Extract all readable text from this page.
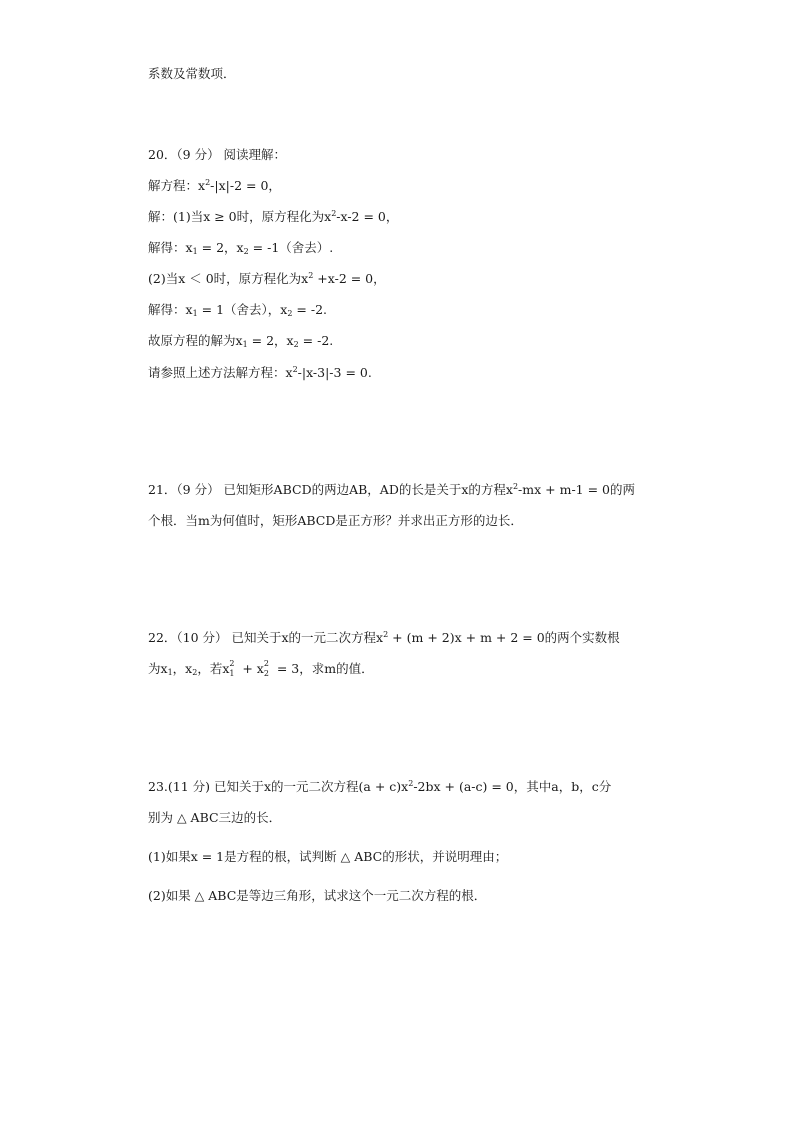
系数及常数项．
20．（9 分） 阅读理解：
解方程：$x^2-|x|-2 = 0$，
解：(1)当x ≥ 0时，原方程化为$x^2-x-2 = 0$，
解得：$x_1 = 2$，$x_2 = -1$（舍去）.
(2)当x ＜ 0时，原方程化为$x^2 +x-2 = 0$，
解得：$x_1 = 1$（舍去），$x_2 = -2$.
故原方程的解为$x_1 = 2$，$x_2 = -2$.
请参照上述方法解方程：$x^2-|x-3|-3 = 0$.
21．（9 分） 已知矩形ABCD的两边AB，AD的长是关于x的方程$x^2-mx + m-1 = 0$的两
个根．当m为何值时，矩形ABCD是正方形？并求出正方形的边长．
22．（10 分） 已知关于x的一元二次方程$x^2 + (m + 2)x + m + 2 = 0$的两个实数根
为$x_1$，$x_2$，若x 2
1 + x 2
2 = 3，求m的值．
23.(11 分) 已知关于x的一元二次方程$(a + c)x^2-2bx + (a-c) = 0$，其中a，b，c分
别为 △ ABC三边的长．
(1)如果x = 1是方程的根，试判断 △ ABC的形状，并说明理由；
(2)如果 △ ABC是等边三角形，试求这个一元二次方程的根．
